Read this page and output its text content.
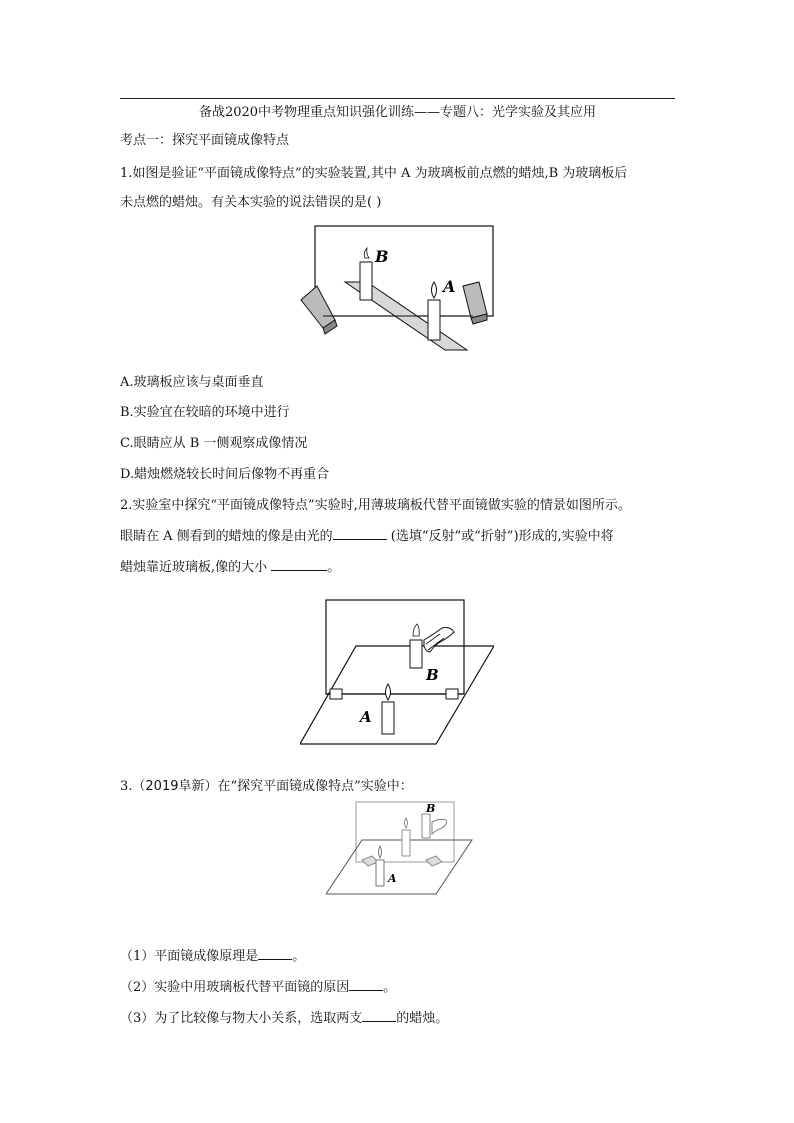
备战2020中考物理重点知识强化训练——专题八：光学实验及其应用
考点一：探究平面镜成像特点
1.如图是验证“平面镜成像特点”的实验装置,其中 A 为玻璃板前点燃的蜡烛,B 为玻璃板后
未点燃的蜡烛。有关本实验的说法错误的是( )
B
A
A.玻璃板应该与桌面垂直
B.实验宜在较暗的环境中进行
C.眼睛应从 B 一侧观察成像情况
D.蜡烛燃烧较长时间后像物不再重合
2.实验室中探究“平面镜成像特点”实验时,用薄玻璃板代替平面镜做实验的情景如图所示。
眼睛在 A 侧看到的蜡烛的像是由光的	(选填“反射”或“折射”)形成的,实验中将
蜡烛靠近玻璃板,像的大小	。
A
B
3.（2019阜新）在“探究平面镜成像特点”实验中：
B
A
（1）平面镜成像原理是	。
（2）实验中用玻璃板代替平面镜的原因	。
（3）为了比较像与物大小关系，选取两支	的蜡烛。
